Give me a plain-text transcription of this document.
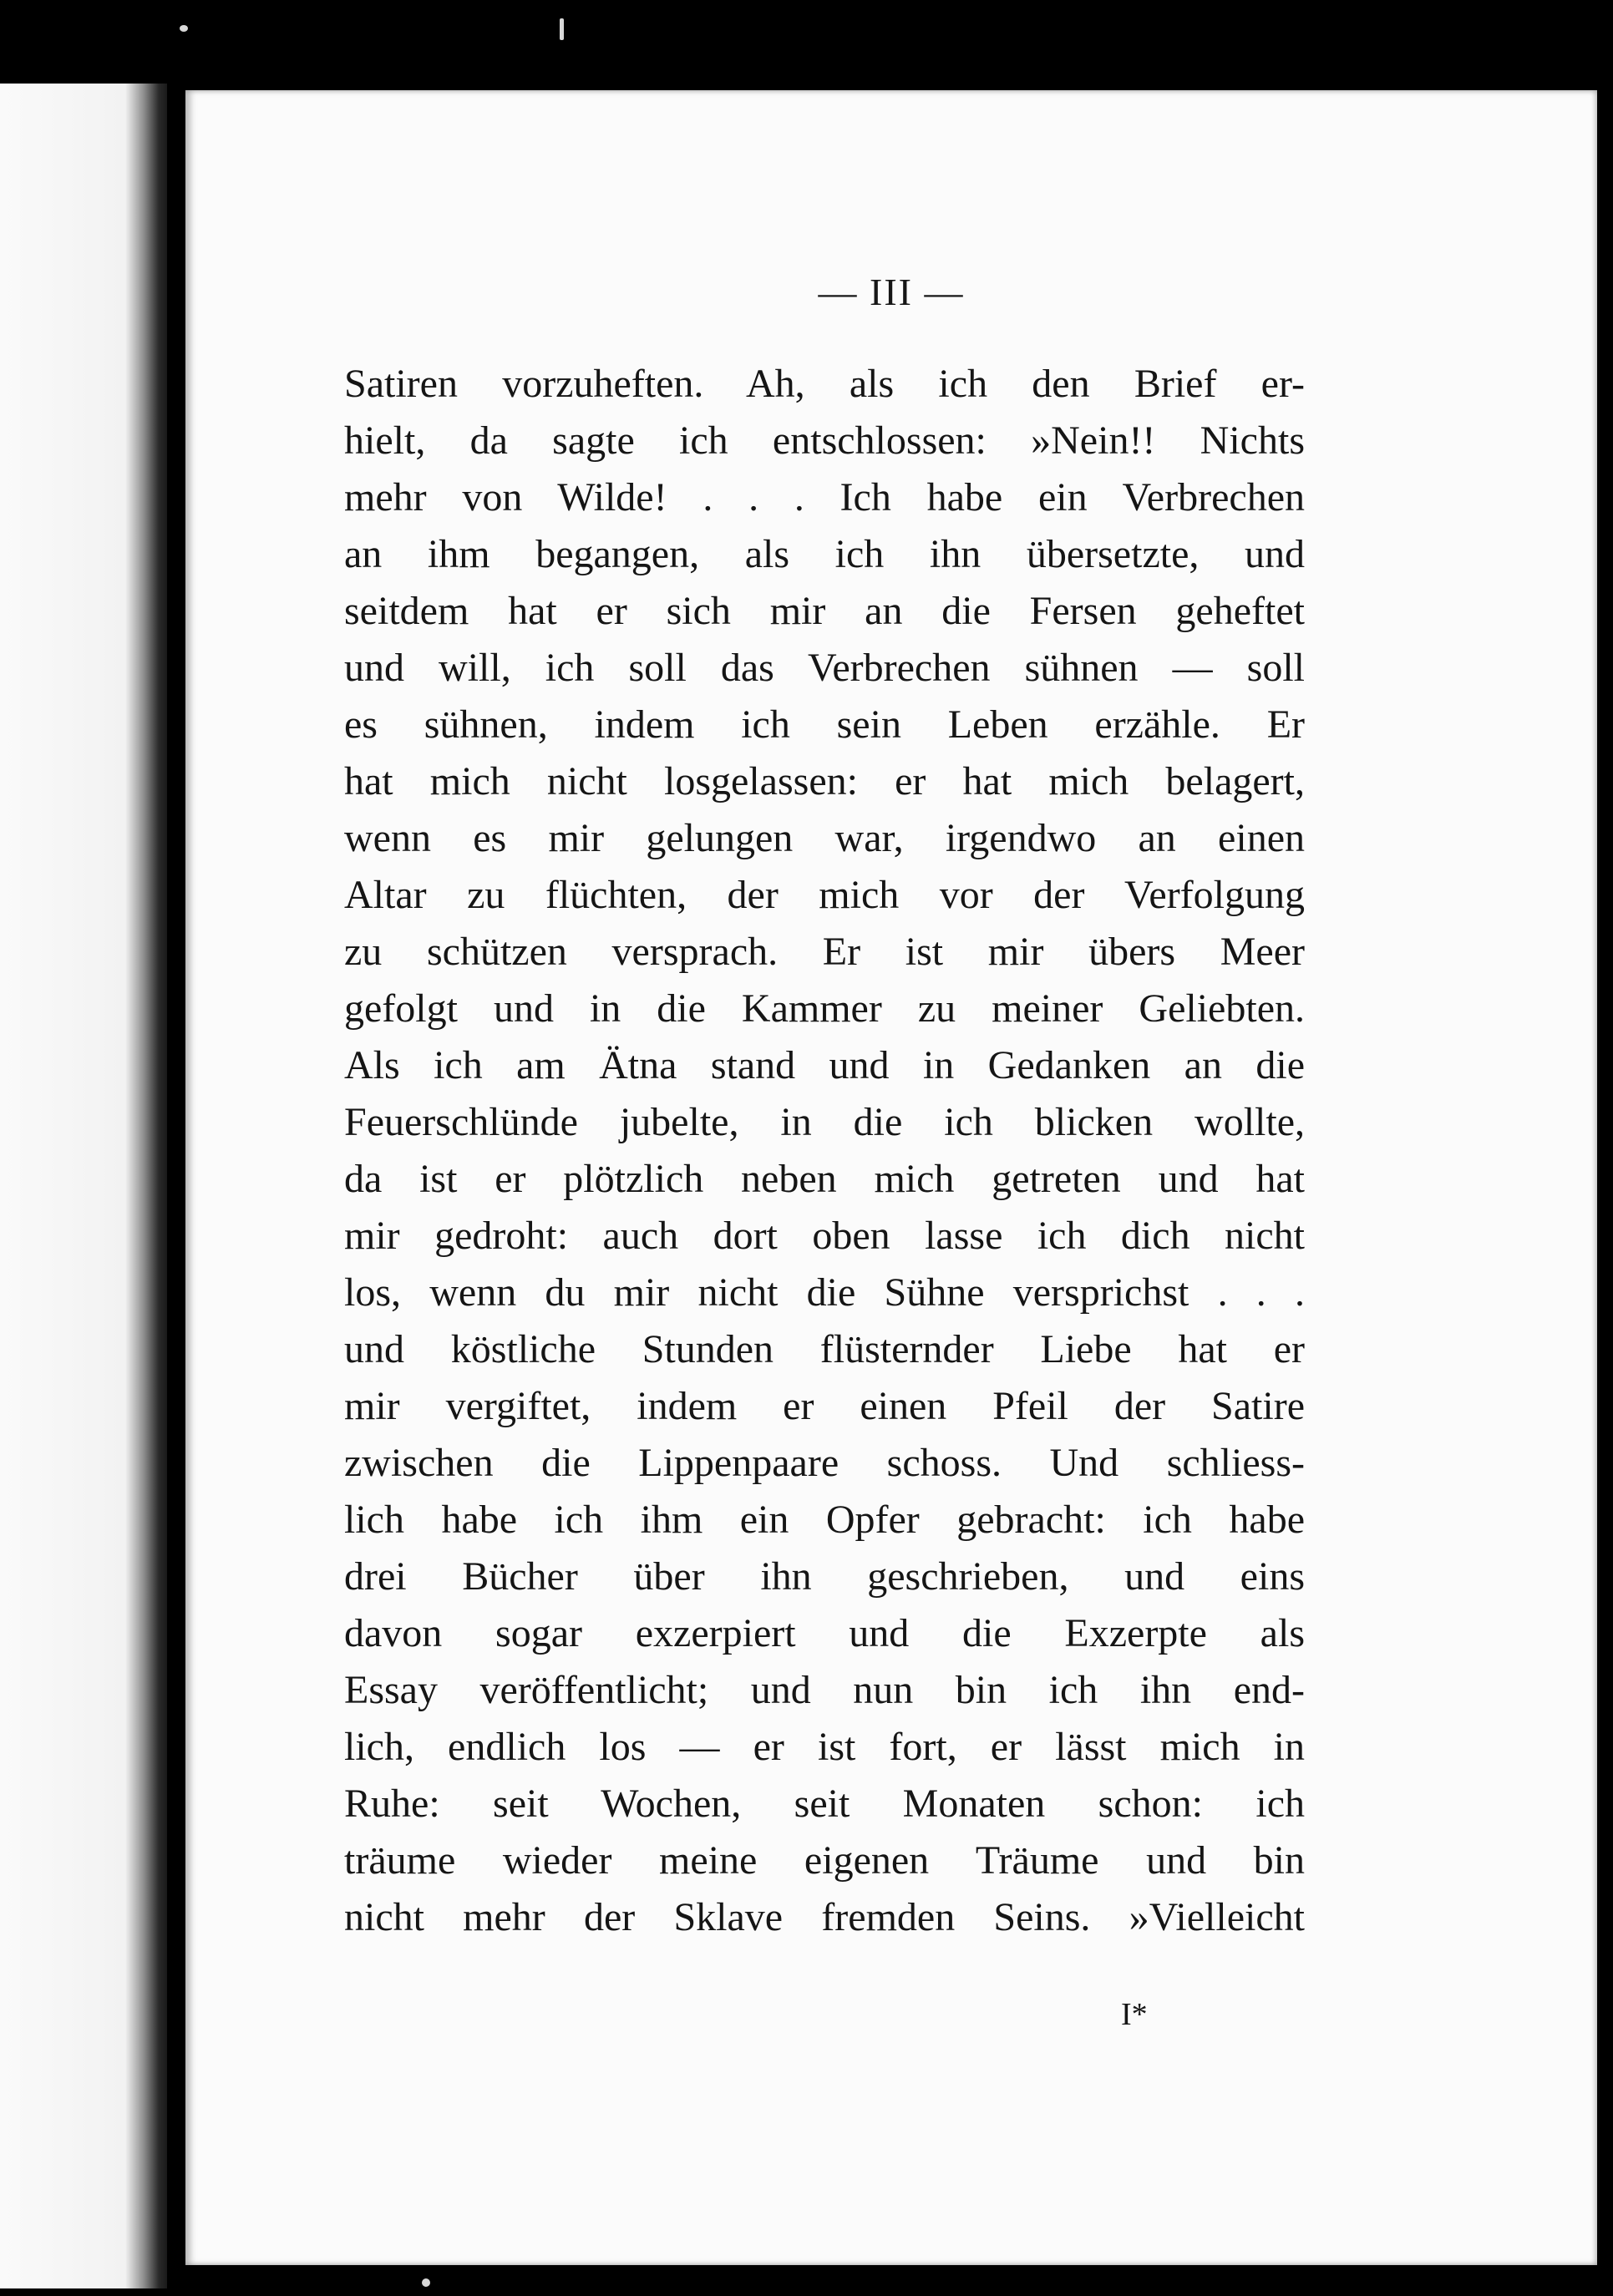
— III —
Satiren vorzuheften. Ah, als ich den Brief er-
hielt, da sagte ich entschlossen: »Nein!! Nichts
mehr von Wilde! . . . Ich habe ein Verbrechen
an ihm begangen, als ich ihn übersetzte, und
seitdem hat er sich mir an die Fersen geheftet
und will, ich soll das Verbrechen sühnen — soll
es sühnen, indem ich sein Leben erzähle. Er
hat mich nicht losgelassen: er hat mich belagert,
wenn es mir gelungen war, irgendwo an einen
Altar zu flüchten, der mich vor der Verfolgung
zu schützen versprach. Er ist mir übers Meer
gefolgt und in die Kammer zu meiner Geliebten.
Als ich am Ätna stand und in Gedanken an die
Feuerschlünde jubelte, in die ich blicken wollte,
da ist er plötzlich neben mich getreten und hat
mir gedroht: auch dort oben lasse ich dich nicht
los, wenn du mir nicht die Sühne versprichst . . .
und köstliche Stunden flüsternder Liebe hat er
mir vergiftet, indem er einen Pfeil der Satire
zwischen die Lippenpaare schoss. Und schliess-
lich habe ich ihm ein Opfer gebracht: ich habe
drei Bücher über ihn geschrieben, und eins
davon sogar exzerpiert und die Exzerpte als
Essay veröffentlicht; und nun bin ich ihn end-
lich, endlich los — er ist fort, er lässt mich in
Ruhe: seit Wochen, seit Monaten schon: ich
träume wieder meine eigenen Träume und bin
nicht mehr der Sklave fremden Seins. »Vielleicht
I*
